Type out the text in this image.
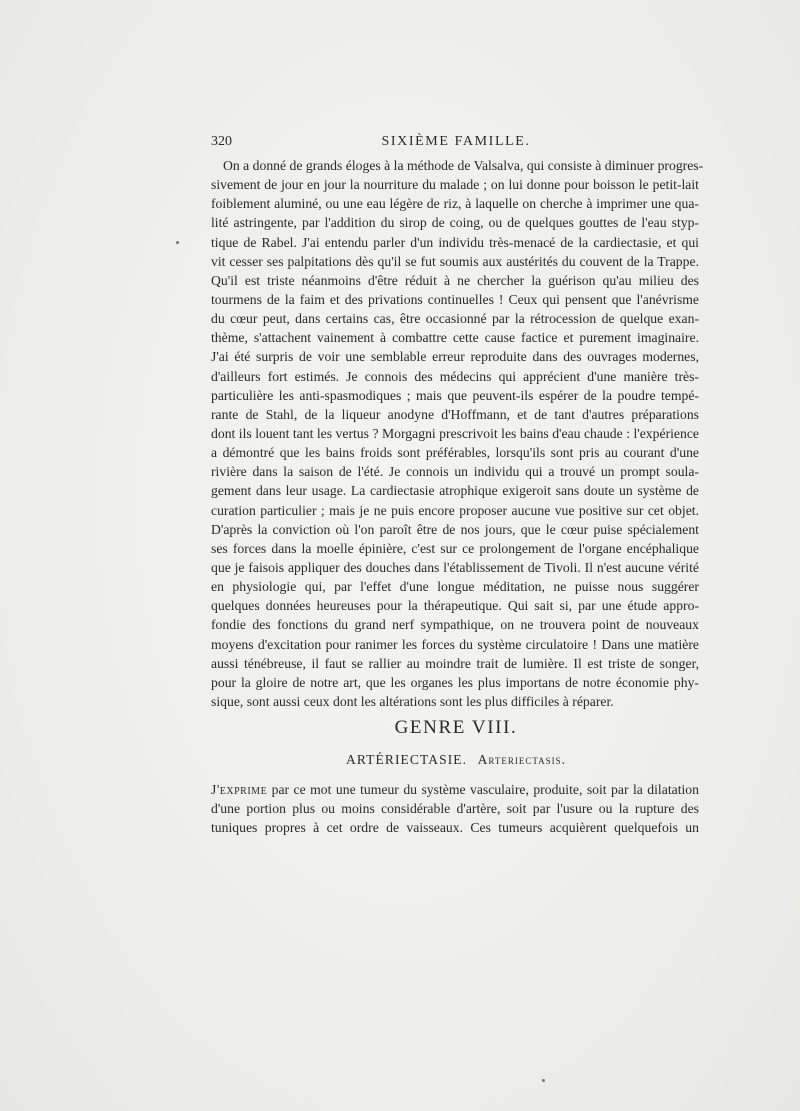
320	SIXIÈME FAMILLE.
On a donné de grands éloges à la méthode de Valsalva, qui consiste à diminuer progres-
sivement de jour en jour la nourriture du malade ; on lui donne pour boisson le petit-lait
foiblement aluminé, ou une eau légère de riz, à laquelle on cherche à imprimer une qua-
lité astringente, par l'addition du sirop de coing, ou de quelques gouttes de l'eau styp-
tique de Rabel. J'ai entendu parler d'un individu très-menacé de la cardiectasie, et qui
vit cesser ses palpitations dès qu'il se fut soumis aux austérités du couvent de la Trappe.
Qu'il est triste néanmoins d'être réduit à ne chercher la guérison qu'au milieu des
tourmens de la faim et des privations continuelles ! Ceux qui pensent que l'anévrisme
du cœur peut, dans certains cas, être occasionné par la rétrocession de quelque exan-
thème, s'attachent vainement à combattre cette cause factice et purement imaginaire.
J'ai été surpris de voir une semblable erreur reproduite dans des ouvrages modernes,
d'ailleurs fort estimés. Je connois des médecins qui apprécient d'une manière très-
particulière les anti-spasmodiques ; mais que peuvent-ils espérer de la poudre tempé-
rante de Stahl, de la liqueur anodyne d'Hoffmann, et de tant d'autres préparations
dont ils louent tant les vertus ? Morgagni prescrivoit les bains d'eau chaude : l'expérience
a démontré que les bains froids sont préférables, lorsqu'ils sont pris au courant d'une
rivière dans la saison de l'été. Je connois un individu qui a trouvé un prompt soula-
gement dans leur usage. La cardiectasie atrophique exigeroit sans doute un système de
curation particulier ; mais je ne puis encore proposer aucune vue positive sur cet objet.
D'après la conviction où l'on paroît être de nos jours, que le cœur puise spécialement
ses forces dans la moelle épinière, c'est sur ce prolongement de l'organe encéphalique
que je faisois appliquer des douches dans l'établissement de Tivoli. Il n'est aucune vérité
en physiologie qui, par l'effet d'une longue méditation, ne puisse nous suggérer
quelques données heureuses pour la thérapeutique. Qui sait si, par une étude appro-
fondie des fonctions du grand nerf sympathique, on ne trouvera point de nouveaux
moyens d'excitation pour ranimer les forces du système circulatoire ! Dans une matière
aussi ténébreuse, il faut se rallier au moindre trait de lumière. Il est triste de songer,
pour la gloire de notre art, que les organes les plus importans de notre économie phy-
sique, sont aussi ceux dont les altérations sont les plus difficiles à réparer.
GENRE VIII.
ARTÉRIECTASIE. Arteriectasis.
J'exprime par ce mot une tumeur du système vasculaire, produite, soit par la dilatation
d'une portion plus ou moins considérable d'artère, soit par l'usure ou la rupture des
tuniques propres à cet ordre de vaisseaux. Ces tumeurs acquièrent quelquefois un
